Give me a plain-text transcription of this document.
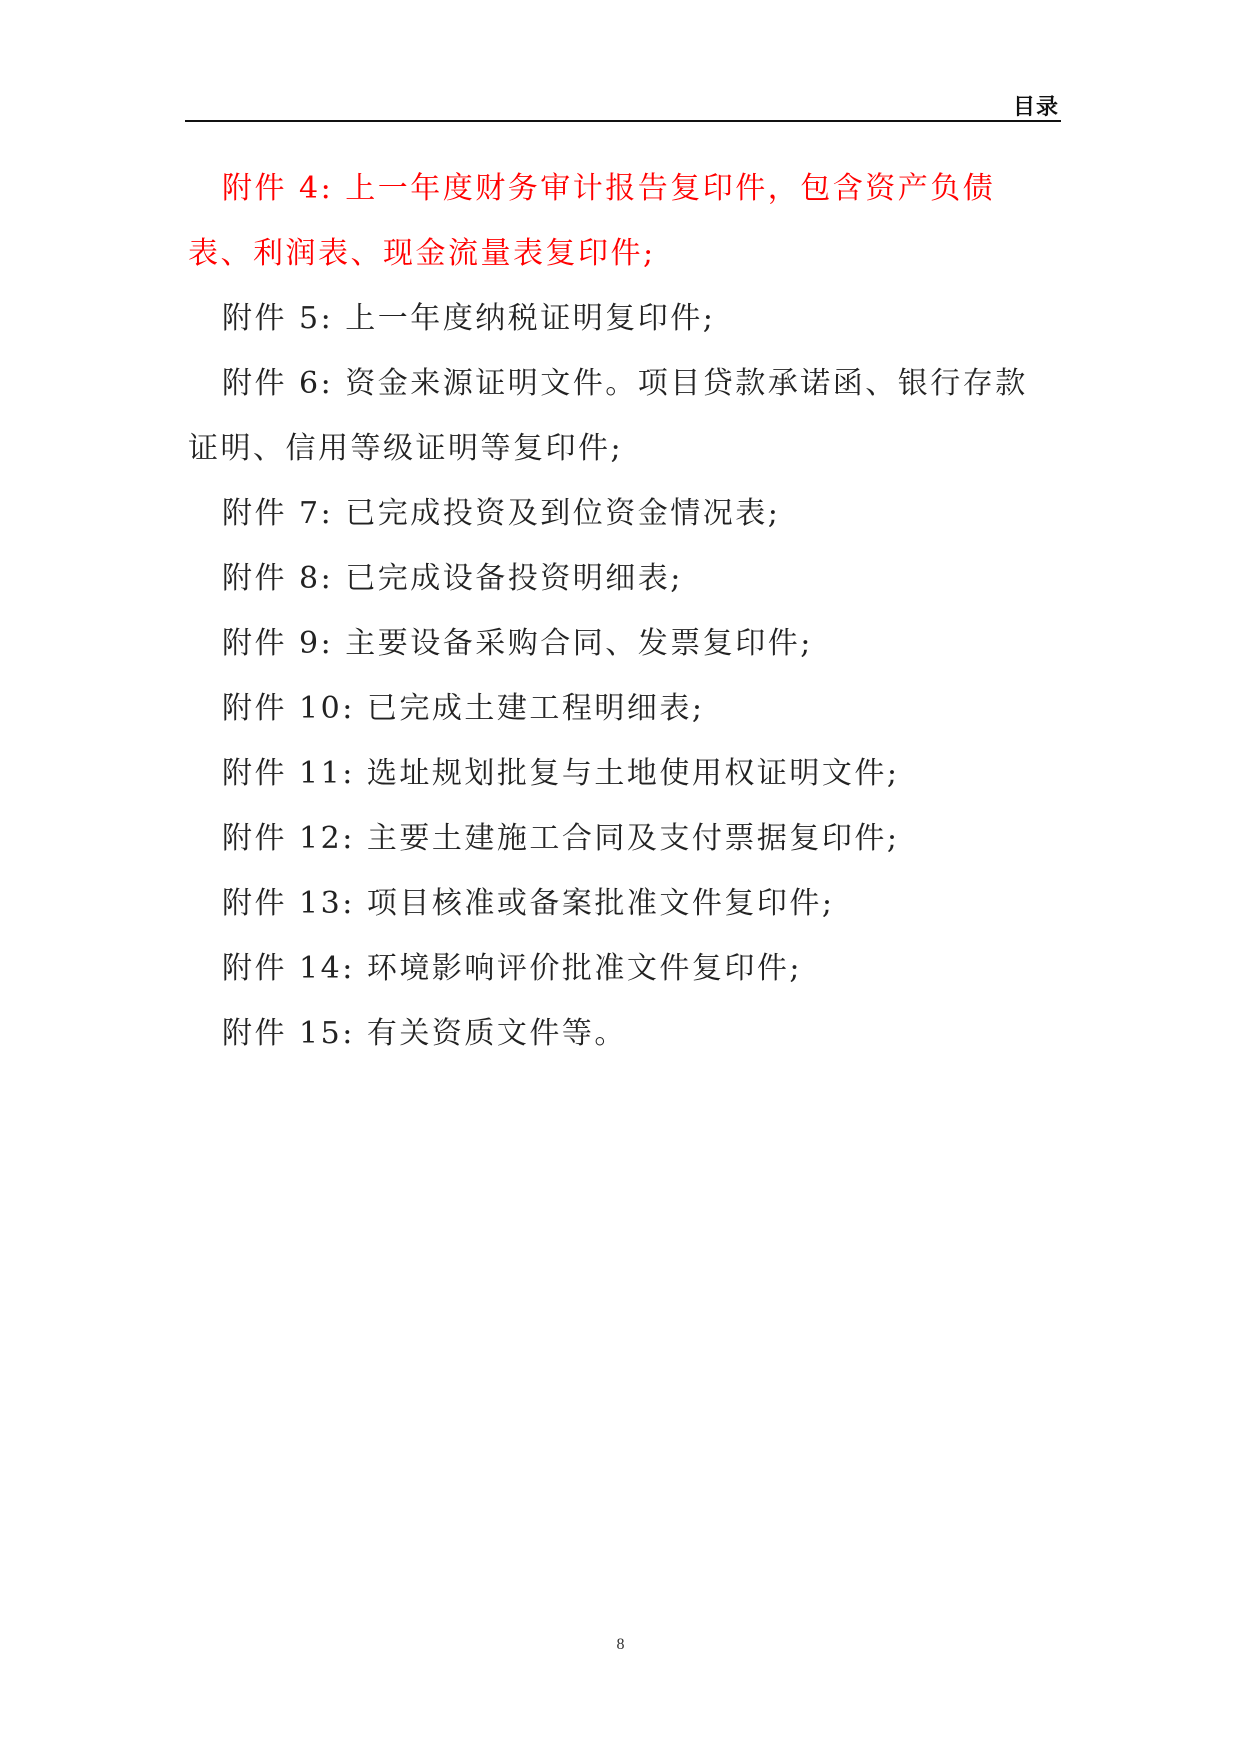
目录

附件 4: 上一年度财务审计报告复印件，包含资产负债表、利润表、现金流量表复印件;

附件 5: 上一年度纳税证明复印件;

附件 6: 资金来源证明文件。项目贷款承诺函、银行存款证明、信用等级证明等复印件;

附件 7: 已完成投资及到位资金情况表;

附件 8: 已完成设备投资明细表;

附件 9: 主要设备采购合同、发票复印件;

附件 10: 已完成土建工程明细表;

附件 11: 选址规划批复与土地使用权证明文件;

附件 12: 主要土建施工合同及支付票据复印件;

附件 13: 项目核准或备案批准文件复印件;

附件 14: 环境影响评价批准文件复印件;

附件 15: 有关资质文件等。

8
